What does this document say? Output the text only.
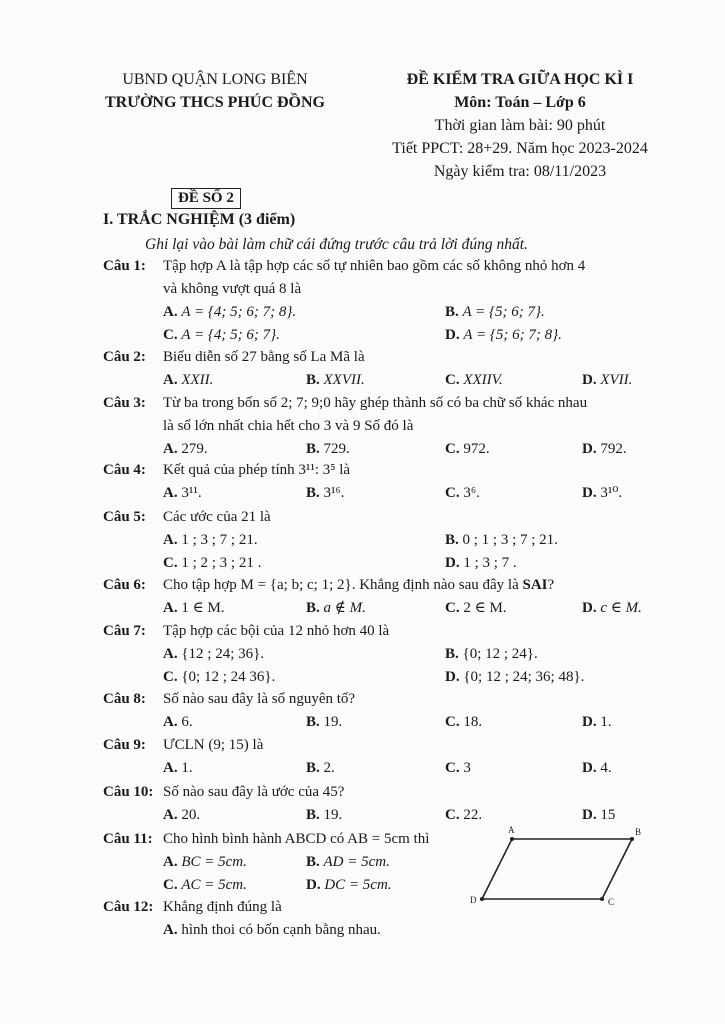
UBND QUẬN LONG BIÊN
TRƯỜNG THCS PHÚC ĐỒNG
ĐỀ KIỂM TRA GIỮA HỌC KÌ I
Môn: Toán – Lớp 6
Thời gian làm bài: 90 phút
Tiết PPCT: 28+29. Năm học 2023-2024
Ngày kiểm tra: 08/11/2023
ĐỀ SỐ 2
I. TRẮC NGHIỆM (3 điểm)
Ghi lại vào bài làm chữ cái đứng trước câu trả lời đúng nhất.
Câu 1: Tập hợp A là tập hợp các số tự nhiên bao gồm các số không nhỏ hơn 4
và không vượt quá 8 là
A. A = {4; 5; 6; 7; 8}.	B. A = {5; 6; 7}.
C. A = {4; 5; 6; 7}.	D. A = {5; 6; 7; 8}.
Câu 2: Biểu diễn số 27 bằng số La Mã là
A. XXII.	B. XXVII.	C. XXIIV.	D. XVII.
Câu 3: Từ ba trong bốn số 2; 7; 9;0 hãy ghép thành số có ba chữ số khác nhau
là số lớn nhất chia hết cho 3 và 9 Số đó là
A. 279.	B. 729.	C. 972.	D. 792.
Câu 4: Kết quả của phép tính 3¹¹: 3⁵ là
A. 3¹¹.	B. 3¹⁶.	C. 3⁶.	D. 3¹⁰.
Câu 5: Các ước của 21 là
A. 1 ; 3 ; 7 ; 21.	B. 0 ; 1 ; 3 ; 7 ; 21.
C. 1 ; 2 ; 3 ; 21 .	D. 1 ; 3 ; 7 .
Câu 6: Cho tập hợp M = {a; b; c; 1; 2}. Khẳng định nào sau đây là SAI?
A. 1 ∈ M.	B. a ∉ M.	C. 2 ∈ M.	D. c ∈ M.
Câu 7: Tập hợp các bội của 12 nhỏ hơn 40 là
A. {12 ; 24; 36}.	B. {0; 12 ; 24}.
C. {0; 12 ; 24 36}.	D. {0; 12 ; 24; 36; 48}.
Câu 8: Số nào sau đây là số nguyên tố?
A. 6.	B. 19.	C. 18.	D. 1.
Câu 9: ƯCLN (9; 15) là
A. 1.	B. 2.	C. 3	D. 4.
Câu 10: Số nào sau đây là ước của 45?
A. 20.	B. 19.	C. 22.	D. 15
Câu 11: Cho hình bình hành ABCD có AB = 5cm thì
A. BC = 5cm.	B. AD = 5cm.
C. AC = 5cm.	D. DC = 5cm.
Câu 12: Khẳng định đúng là
A. hình thoi có bốn cạnh bằng nhau.
A	B
C
D
